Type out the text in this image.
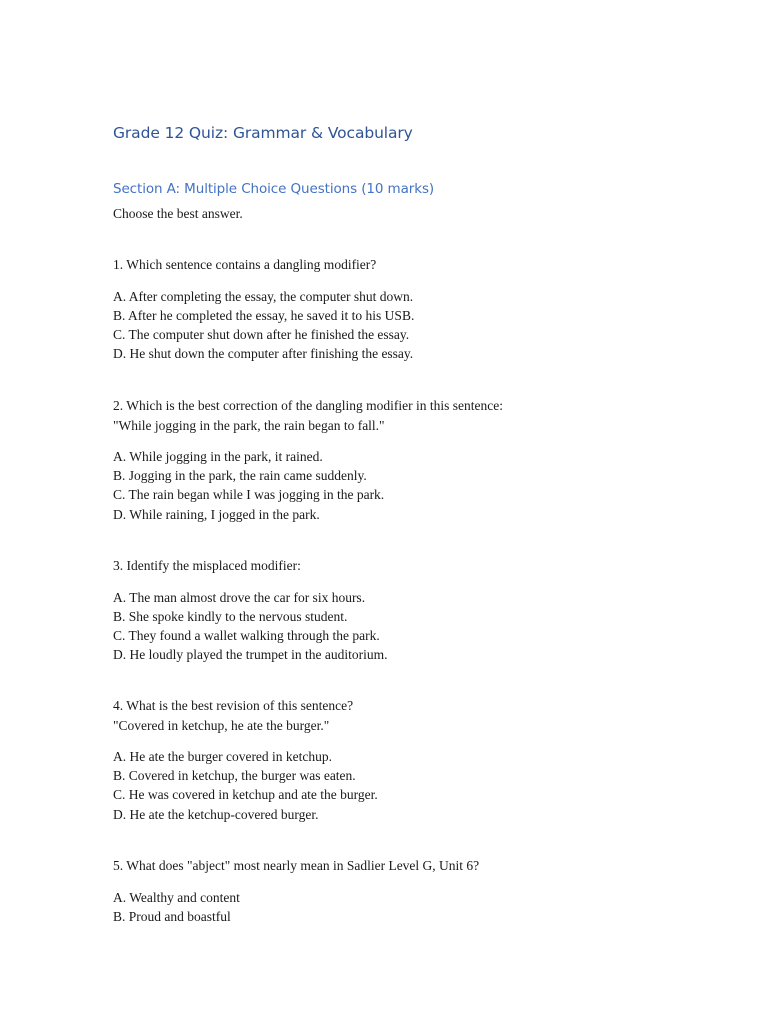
Grade 12 Quiz: Grammar & Vocabulary
Section A: Multiple Choice Questions (10 marks)
Choose the best answer.
1. Which sentence contains a dangling modifier?
A. After completing the essay, the computer shut down.
B. After he completed the essay, he saved it to his USB.
C. The computer shut down after he finished the essay.
D. He shut down the computer after finishing the essay.
2. Which is the best correction of the dangling modifier in this sentence:
"While jogging in the park, the rain began to fall."
A. While jogging in the park, it rained.
B. Jogging in the park, the rain came suddenly.
C. The rain began while I was jogging in the park.
D. While raining, I jogged in the park.
3. Identify the misplaced modifier:
A. The man almost drove the car for six hours.
B. She spoke kindly to the nervous student.
C. They found a wallet walking through the park.
D. He loudly played the trumpet in the auditorium.
4. What is the best revision of this sentence?
"Covered in ketchup, he ate the burger."
A. He ate the burger covered in ketchup.
B. Covered in ketchup, the burger was eaten.
C. He was covered in ketchup and ate the burger.
D. He ate the ketchup-covered burger.
5. What does "abject" most nearly mean in Sadlier Level G, Unit 6?
A. Wealthy and content
B. Proud and boastful
